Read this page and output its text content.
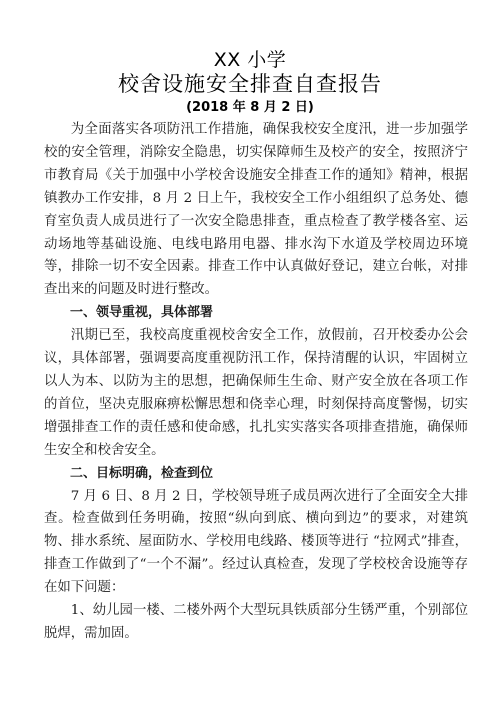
XX 小学
校舍设施安全排查自查报告
(2018 年 8 月 2 日)

为全面落实各项防汛工作措施，确保我校安全度汛，进一步加强学校的安全管理，消除安全隐患，切实保障师生及校产的安全，按照济宁市教育局《关于加强中小学校舍设施安全排查工作的通知》精神，根据镇教办工作安排，8 月 2 日上午，我校安全工作小组组织了总务处、德育室负责人成员进行了一次安全隐患排查，重点检查了教学楼各室、运动场地等基础设施、电线电路用电器、排水沟下水道及学校周边环境等，排除一切不安全因素。排查工作中认真做好登记，建立台帐，对排查出来的问题及时进行整改。

一、领导重视，具体部署

汛期已至，我校高度重视校舍安全工作，放假前，召开校委办公会议，具体部署，强调要高度重视防汛工作，保持清醒的认识，牢固树立以人为本、以防为主的思想，把确保师生生命、财产安全放在各项工作的首位，坚决克服麻痹松懈思想和侥幸心理，时刻保持高度警惕，切实增强排查工作的责任感和使命感，扎扎实实落实各项排查措施，确保师生安全和校舍安全。

二、目标明确，检查到位

7 月 6 日、8 月 2 日，学校领导班子成员两次进行了全面安全大排查。检查做到任务明确，按照“纵向到底、横向到边”的要求，对建筑物、排水系统、屋面防水、学校用电线路、楼顶等进行 “拉网式”排查，排查工作做到了“一个不漏”。经过认真检查，发现了学校校舍设施等存在如下问题：

1、幼儿园一楼、二楼外两个大型玩具铁质部分生锈严重，个别部位脱焊，需加固。
